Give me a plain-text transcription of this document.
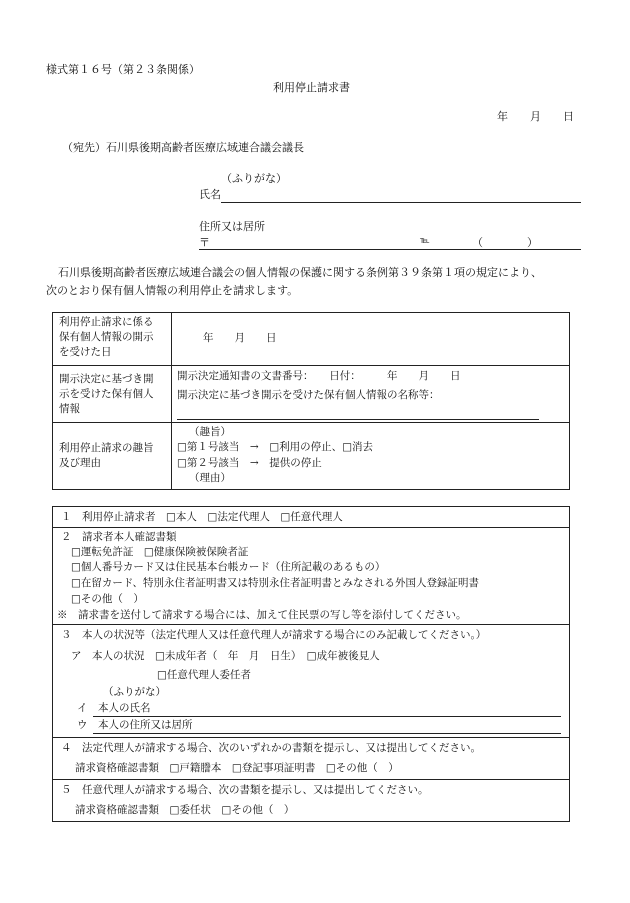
様式第１６号（第２３条関係）
利用停止請求書
年　　月　　日
（宛先）石川県後期高齢者医療広域連合議会議長
（ふりがな）
氏名
住所又は居所
〒	℡	（　　　　）
石川県後期高齢者医療広域連合議会の個人情報の保護に関する条例第３９条第１項の規定により、
次のとおり保有個人情報の利用停止を請求します。
利用停止請求に係る
保有個人情報の開示
を受けた日
年　　月　　日
開示決定に基づき開
示を受けた保有個人
情報
開示決定通知書の文書番号：　　日付：　　　年　　月　　日
開示決定に基づき開示を受けた保有個人情報の名称等：
利用停止請求の趣旨
及び理由
（趣旨）
□第１号該当　→　□利用の停止、□消去
□第２号該当　→　提供の停止
（理由）
１　利用停止請求者　□本人　□法定代理人　□任意代理人
２　請求者本人確認書類
□運転免許証　□健康保険被保険者証
□個人番号カード又は住民基本台帳カード（住所記載のあるもの）
□在留カード、特別永住者証明書又は特別永住者証明書とみなされる外国人登録証明書
□その他（　）
※　請求書を送付して請求する場合には、加えて住民票の写し等を添付してください。
３　本人の状況等（法定代理人又は任意代理人が請求する場合にのみ記載してください。）
ア　本人の状況　□未成年者（　年　月　日生）　□成年被後見人
□任意代理人委任者
（ふりがな）
イ　本人の氏名
ウ　本人の住所又は居所
４　法定代理人が請求する場合、次のいずれかの書類を提示し、又は提出してください。
請求資格確認書類　□戸籍謄本　□登記事項証明書　□その他（　）
５　任意代理人が請求する場合、次の書類を提示し、又は提出してください。
請求資格確認書類　□委任状　□その他（　）
